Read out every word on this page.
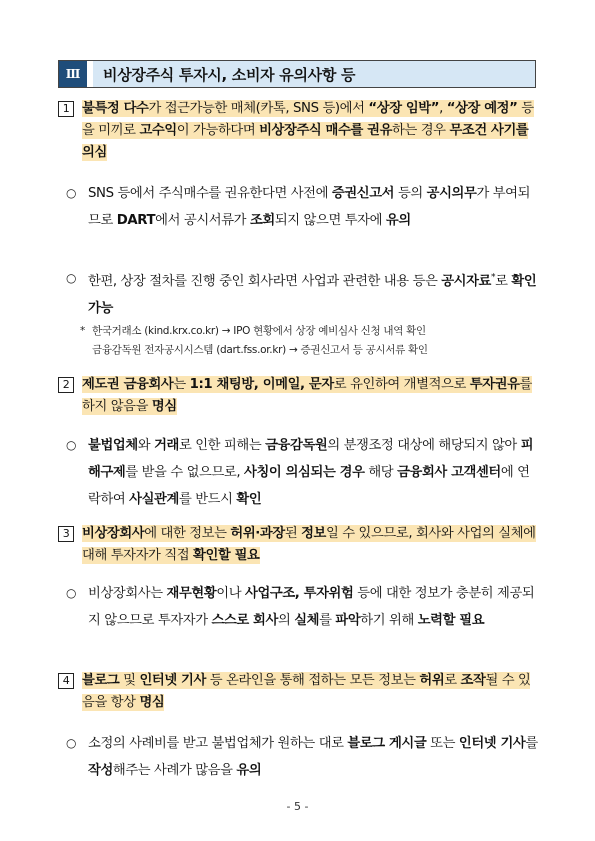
Ⅲ	비상장주식 투자시, 소비자 유의사항 등
1 불특정 다수가 접근가능한 매체(카톡, SNS 등)에서 “상장 임박”, “상장 예정” 등을 미끼로 고수익이 가능하다며 비상장주식 매수를 권유하는 경우 무조건 사기를 의심
○ SNS 등에서 주식매수를 권유한다면 사전에 증권신고서 등의 공시의무가 부여되므로 DART에서 공시서류가 조회되지 않으면 투자에 유의
○ 한편, 상장 절차를 진행 중인 회사라면 사업과 관련한 내용 등은 공시자료*로 확인 가능
* 한국거래소 (kind.krx.co.kr) → IPO 현황에서 상장 예비심사 신청 내역 확인
금융감독원 전자공시시스템 (dart.fss.or.kr) → 증권신고서 등 공시서류 확인
2 제도권 금융회사는 1:1 채팅방, 이메일, 문자로 유인하여 개별적으로 투자권유를 하지 않음을 명심
○ 불법업체와 거래로 인한 피해는 금융감독원의 분쟁조정 대상에 해당되지 않아 피해구제를 받을 수 없으므로, 사칭이 의심되는 경우 해당 금융회사 고객센터에 연락하여 사실관계를 반드시 확인
3 비상장회사에 대한 정보는 허위·과장된 정보일 수 있으므로, 회사와 사업의 실체에 대해 투자자가 직접 확인할 필요
○ 비상장회사는 재무현황이나 사업구조, 투자위험 등에 대한 정보가 충분히 제공되지 않으므로 투자자가 스스로 회사의 실체를 파악하기 위해 노력할 필요
4 블로그 및 인터넷 기사 등 온라인을 통해 접하는 모든 정보는 허위로 조작될 수 있음을 항상 명심
○ 소정의 사례비를 받고 불법업체가 원하는 대로 블로그 게시글 또는 인터넷 기사를 작성해주는 사례가 많음을 유의
- 5 -
